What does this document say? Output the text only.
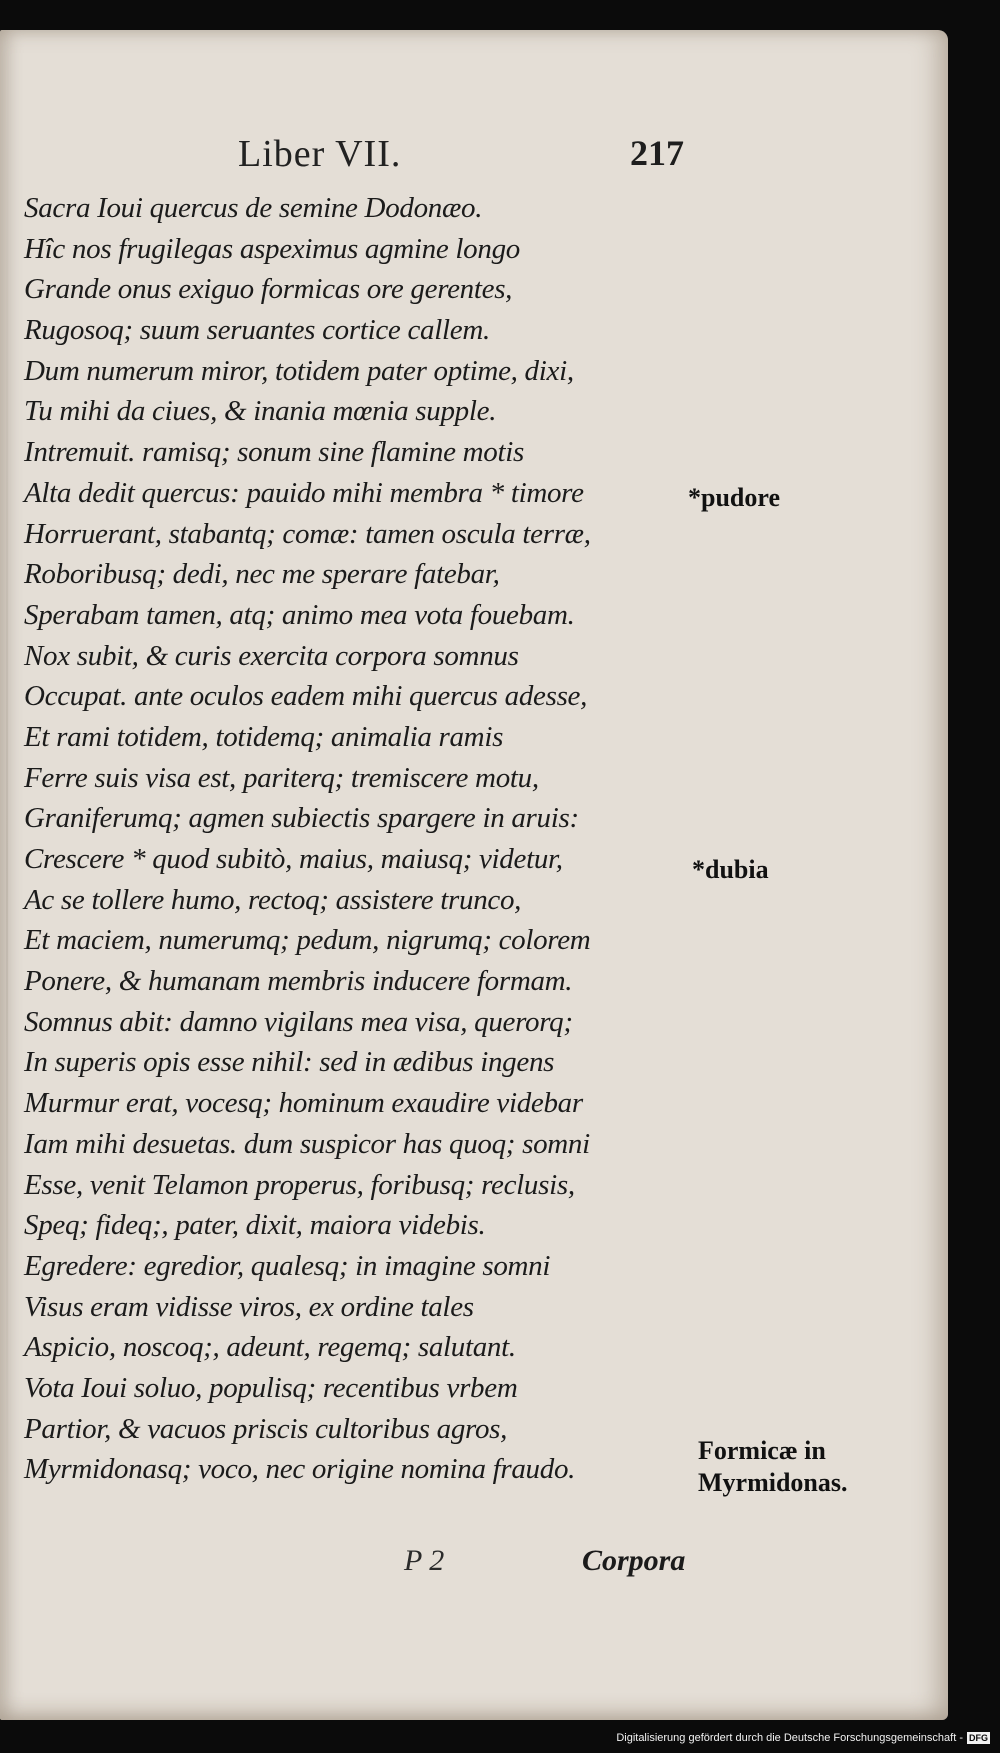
Liber VII.	217
Sacra Ioui quercus de semine Dodonæo.
Hîc nos frugilegas aspeximus agmine longo
Grande onus exiguo formicas ore gerentes,
Rugosoq; suum seruantes cortice callem.
Dum numerum miror, totidem pater optime, dixi,
Tu mihi da ciues, & inania mœnia supple.
Intremuit. ramisq; sonum sine flamine motis
Alta dedit quercus: pauido mihi membra * timore
Horruerant, stabantq; comæ: tamen oscula terræ,
Roboribusq; dedi, nec me sperare fatebar,
Sperabam tamen, atq; animo mea vota fouebam.
Nox subit, & curis exercita corpora somnus
Occupat. ante oculos eadem mihi quercus adesse,
Et rami totidem, totidemq; animalia ramis
Ferre suis visa est, pariterq; tremiscere motu,
Graniferumq; agmen subiectis spargere in aruis:
Crescere * quod subitò, maius, maiusq; videtur,
Ac se tollere humo, rectoq; assistere trunco,
Et maciem, numerumq; pedum, nigrumq; colorem
Ponere, & humanam membris inducere formam.
Somnus abit: damno vigilans mea visa, querorq;
In superis opis esse nihil: sed in ædibus ingens
Murmur erat, vocesq; hominum exaudire videbar
Iam mihi desuetas. dum suspicor has quoq; somni
Esse, venit Telamon properus, foribusq; reclusis,
Speq; fideq;, pater, dixit, maiora videbis.
Egredere: egredior, qualesq; in imagine somni
Visus eram vidisse viros, ex ordine tales
Aspicio, noscoq;, adeunt, regemq; salutant.
Vota Ioui soluo, populisq; recentibus vrbem
Partior, & vacuos priscis cultoribus agros,
Myrmidonasq; voco, nec origine nomina fraudo.
*pudore
*dubia
Formicæ in Myrmidonas.
P 2	Corpora
Digitalisierung gefördert durch die Deutsche Forschungsgemeinschaft - DFG
